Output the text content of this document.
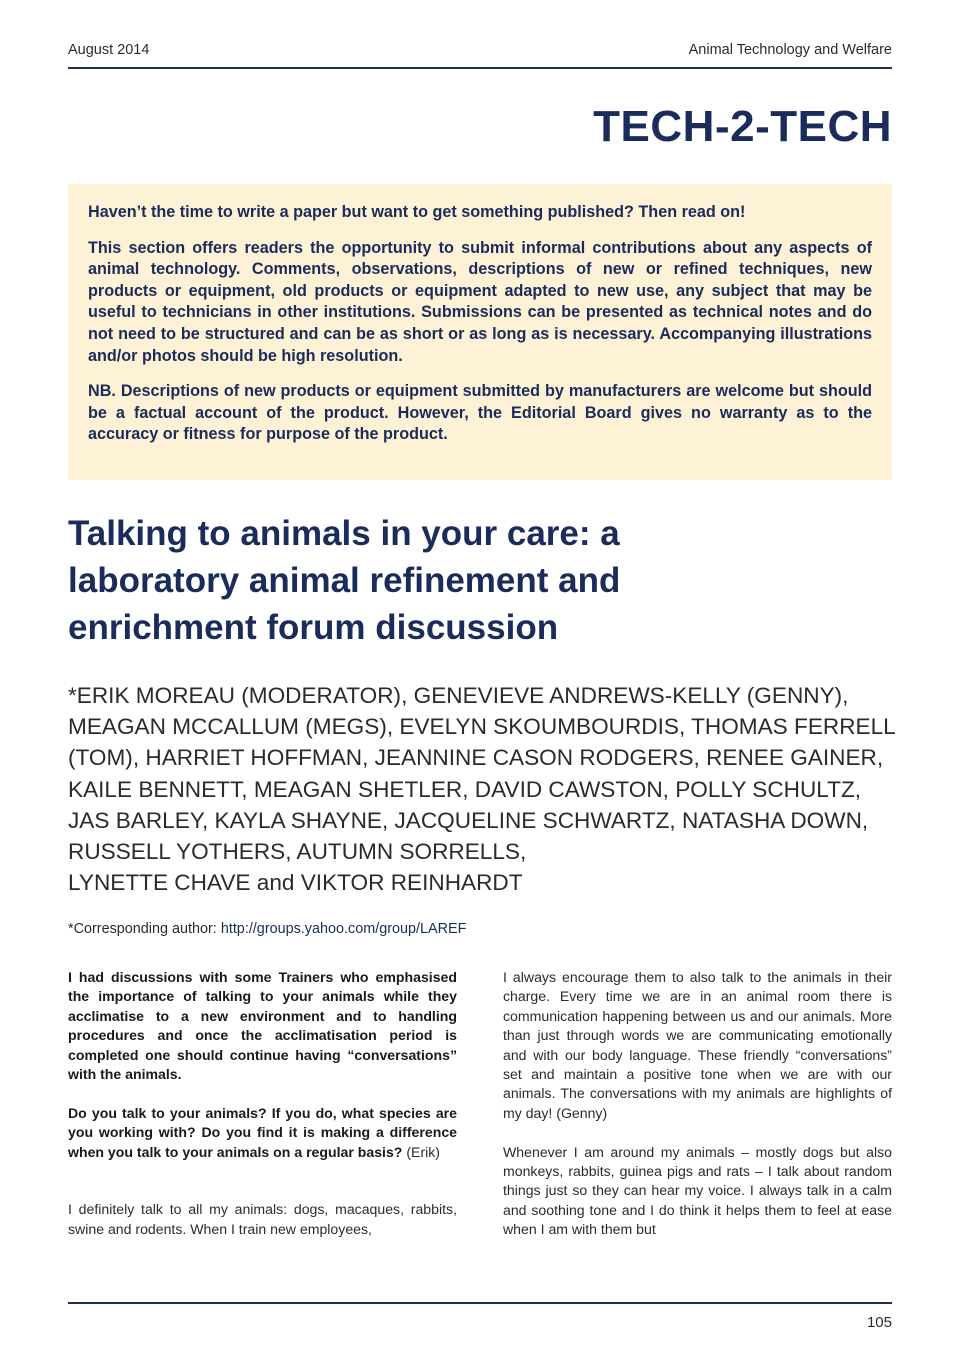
August 2014	Animal Technology and Welfare
TECH-2-TECH

Haven’t the time to write a paper but want to get something published? Then read on!

This section offers readers the opportunity to submit informal contributions about any aspects of animal technology. Comments, observations, descriptions of new or refined techniques, new products or equipment, old products or equipment adapted to new use, any subject that may be useful to technicians in other institutions. Submissions can be presented as technical notes and do not need to be structured and can be as short or as long as is necessary. Accompanying illustrations and/or photos should be high resolution.

NB. Descriptions of new products or equipment submitted by manufacturers are welcome but should be a factual account of the product. However, the Editorial Board gives no warranty as to the accuracy or fitness for purpose of the product.

Talking to animals in your care: a laboratory animal refinement and enrichment forum discussion

*ERIK MOREAU (MODERATOR), GENEVIEVE ANDREWS-KELLY (GENNY), MEAGAN MCCALLUM (MEGS), EVELYN SKOUMBOURDIS, THOMAS FERRELL (TOM), HARRIET HOFFMAN, JEANNINE CASON RODGERS, RENEE GAINER, KAILE BENNETT, MEAGAN SHETLER, DAVID CAWSTON, POLLY SCHULTZ, JAS BARLEY, KAYLA SHAYNE, JACQUELINE SCHWARTZ, NATASHA DOWN, RUSSELL YOTHERS, AUTUMN SORRELLS,
LYNETTE CHAVE and VIKTOR REINHARDT

*Corresponding author: http://groups.yahoo.com/group/LAREF

I had discussions with some Trainers who emphasised the importance of talking to your animals while they acclimatise to a new environment and to handling procedures and once the acclimatisation period is completed one should continue having “conversations” with the animals.

Do you talk to your animals? If you do, what species are you working with? Do you find it is making a difference when you talk to your animals on a regular basis? (Erik)

I definitely talk to all my animals: dogs, macaques, rabbits, swine and rodents. When I train new employees,

I always encourage them to also talk to the animals in their charge. Every time we are in an animal room there is communication happening between us and our animals. More than just through words we are communicating emotionally and with our body language. These friendly “conversations” set and maintain a positive tone when we are with our animals. The conversations with my animals are highlights of my day! (Genny)

Whenever I am around my animals – mostly dogs but also monkeys, rabbits, guinea pigs and rats – I talk about random things just so they can hear my voice. I always talk in a calm and soothing tone and I do think it helps them to feel at ease when I am with them but

105
